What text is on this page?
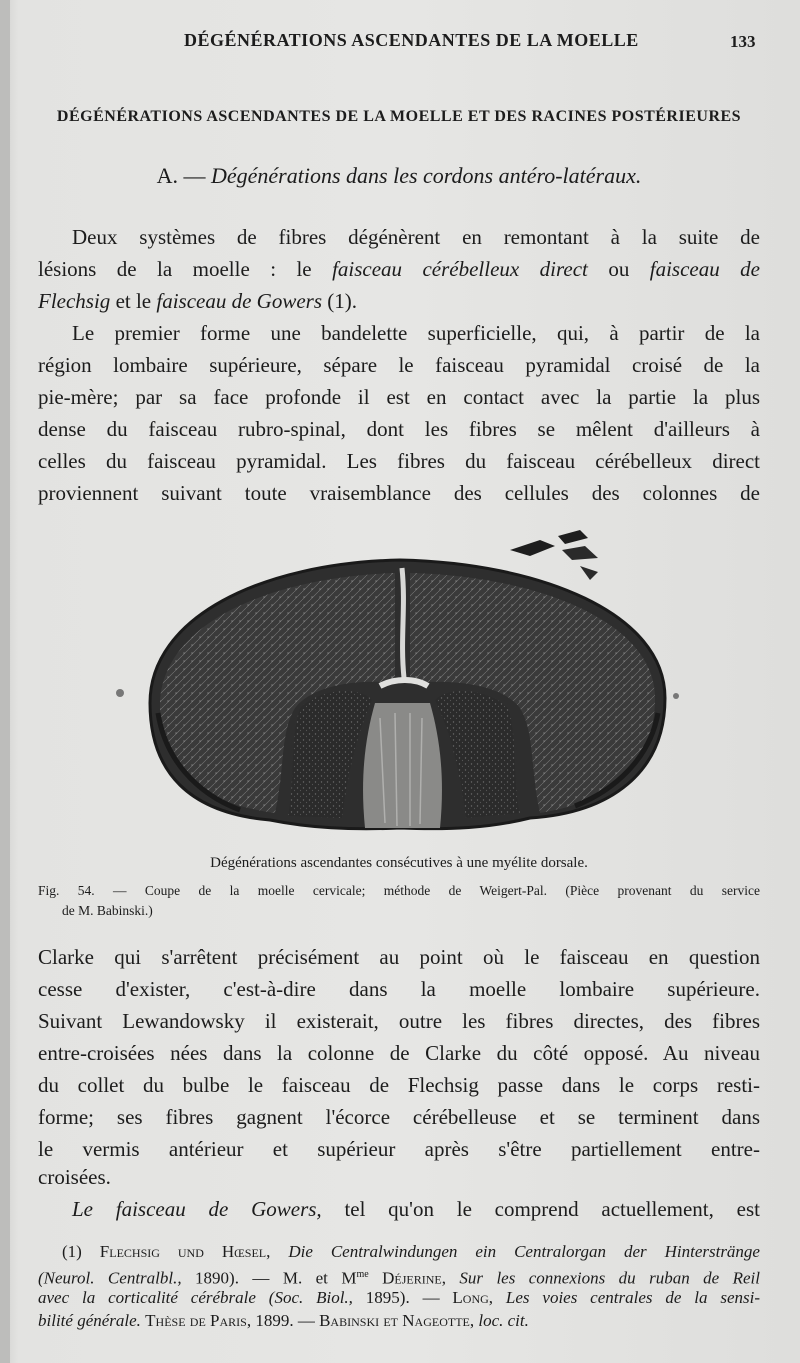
DÉGÉNÉRATIONS ASCENDANTES DE LA MOELLE	133
DÉGÉNÉRATIONS ASCENDANTES DE LA MOELLE ET DES RACINES POSTÉRIEURES
A. — Dégénérations dans les cordons antéro-latéraux.
Deux systèmes de fibres dégénèrent en remontant à la suite de
lésions de la moelle : le faisceau cérébelleux direct ou faisceau de
Flechsig et le faisceau de Gowers (1).
Le premier forme une bandelette superficielle, qui, à partir de la
région lombaire supérieure, sépare le faisceau pyramidal croisé de la
pie-mère; par sa face profonde il est en contact avec la partie la plus
dense du faisceau rubro-spinal, dont les fibres se mêlent d'ailleurs à
celles du faisceau pyramidal. Les fibres du faisceau cérébelleux direct
proviennent suivant toute vraisemblance des cellules des colonnes de
Dégénérations ascendantes consécutives à une myélite dorsale.
Fig. 54. — Coupe de la moelle cervicale; méthode de Weigert-Pal. (Pièce provenant du service
de M. Babinski.)
Clarke qui s'arrêtent précisément au point où le faisceau en question
cesse d'exister, c'est-à-dire dans la moelle lombaire supérieure.
Suivant Lewandowsky il existerait, outre les fibres directes, des fibres
entre-croisées nées dans la colonne de Clarke du côté opposé. Au niveau
du collet du bulbe le faisceau de Flechsig passe dans le corps resti-
forme; ses fibres gagnent l'écorce cérébelleuse et se terminent dans
le vermis antérieur et supérieur après s'être partiellement entre-
croisées.
Le faisceau de Gowers, tel qu'on le comprend actuellement, est
(1) Flechsig und Hœsel, Die Centralwindungen ein Centralorgan der Hinterstränge
(Neurol. Centralbl., 1890). — M. et $M^{me}$ Déjerine, Sur les connexions du ruban de Reil
avec la corticalité cérébrale (Soc. Biol., 1895). — Long, Les voies centrales de la sensi-
bilité générale. Thèse de Paris, 1899. — Babinski et Nageotte, loc. cit.
